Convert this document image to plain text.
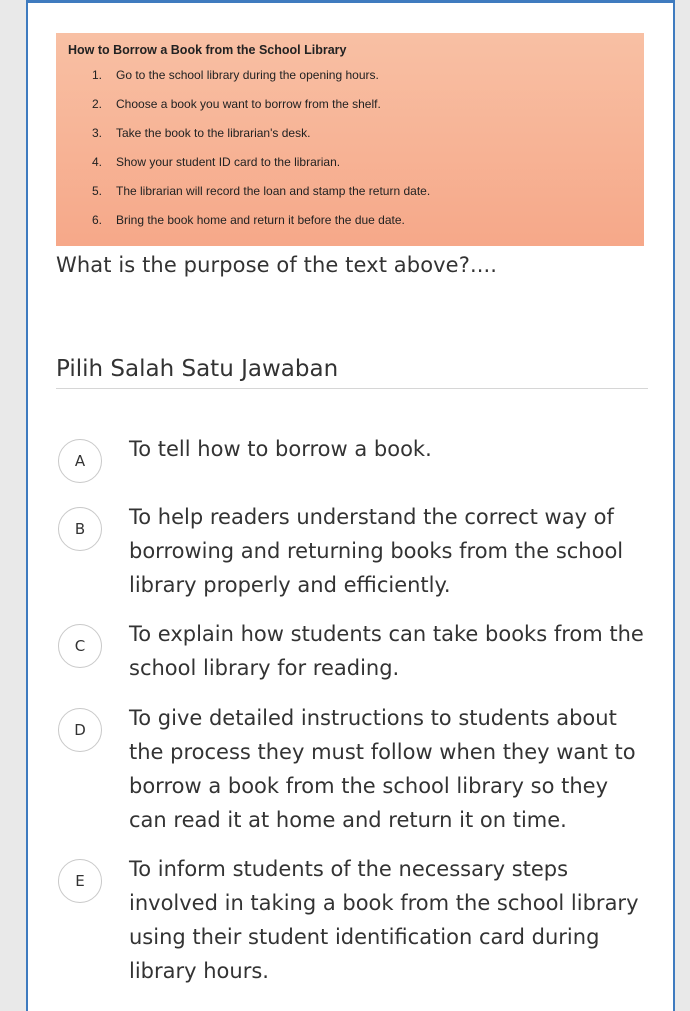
How to Borrow a Book from the School Library
1. Go to the school library during the opening hours.
2. Choose a book you want to borrow from the shelf.
3. Take the book to the librarian's desk.
4. Show your student ID card to the librarian.
5. The librarian will record the loan and stamp the return date.
6. Bring the book home and return it before the due date.
What is the purpose of the text above?....
Pilih Salah Satu Jawaban
A	To tell how to borrow a book.
B	To help readers understand the correct way of borrowing and returning books from the school library properly and efficiently.
C	To explain how students can take books from the school library for reading.
D	To give detailed instructions to students about the process they must follow when they want to borrow a book from the school library so they can read it at home and return it on time.
E	To inform students of the necessary steps involved in taking a book from the school library using their student identification card during library hours.
